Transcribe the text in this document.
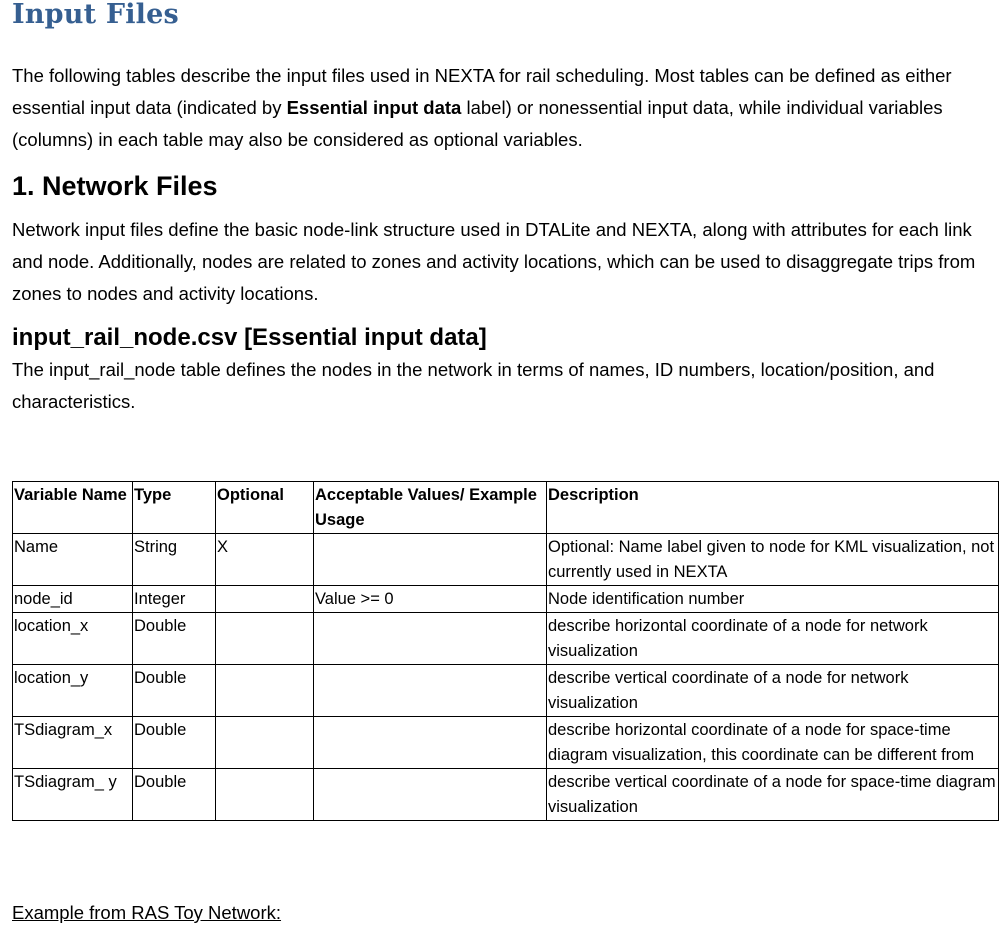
Input Files

The following tables describe the input files used in NEXTA for rail scheduling. Most tables can be defined as either essential input data (indicated by Essential input data label) or nonessential input data, while individual variables (columns) in each table may also be considered as optional variables.

1. Network Files

Network input files define the basic node-link structure used in DTALite and NEXTA, along with attributes for each link and node. Additionally, nodes are related to zones and activity locations, which can be used to disaggregate trips from zones to nodes and activity locations.

input_rail_node.csv [Essential input data]

The input_rail_node table defines the nodes in the network in terms of names, ID numbers, location/position, and characteristics.

Variable Name	Type	Optional	Acceptable Values/ Example Usage	Description
Name	String	X		Optional: Name label given to node for KML visualization, not currently used in NEXTA
node_id	Integer		Value >= 0	Node identification number
location_x	Double			describe horizontal coordinate of a node for network visualization
location_y	Double			describe vertical coordinate of a node for network visualization
TSdiagram_x	Double			describe horizontal coordinate of a node for space-time diagram visualization, this coordinate can be different from
TSdiagram_ y	Double			describe vertical coordinate of a node for space-time diagram visualization
Example from RAS Toy Network:
